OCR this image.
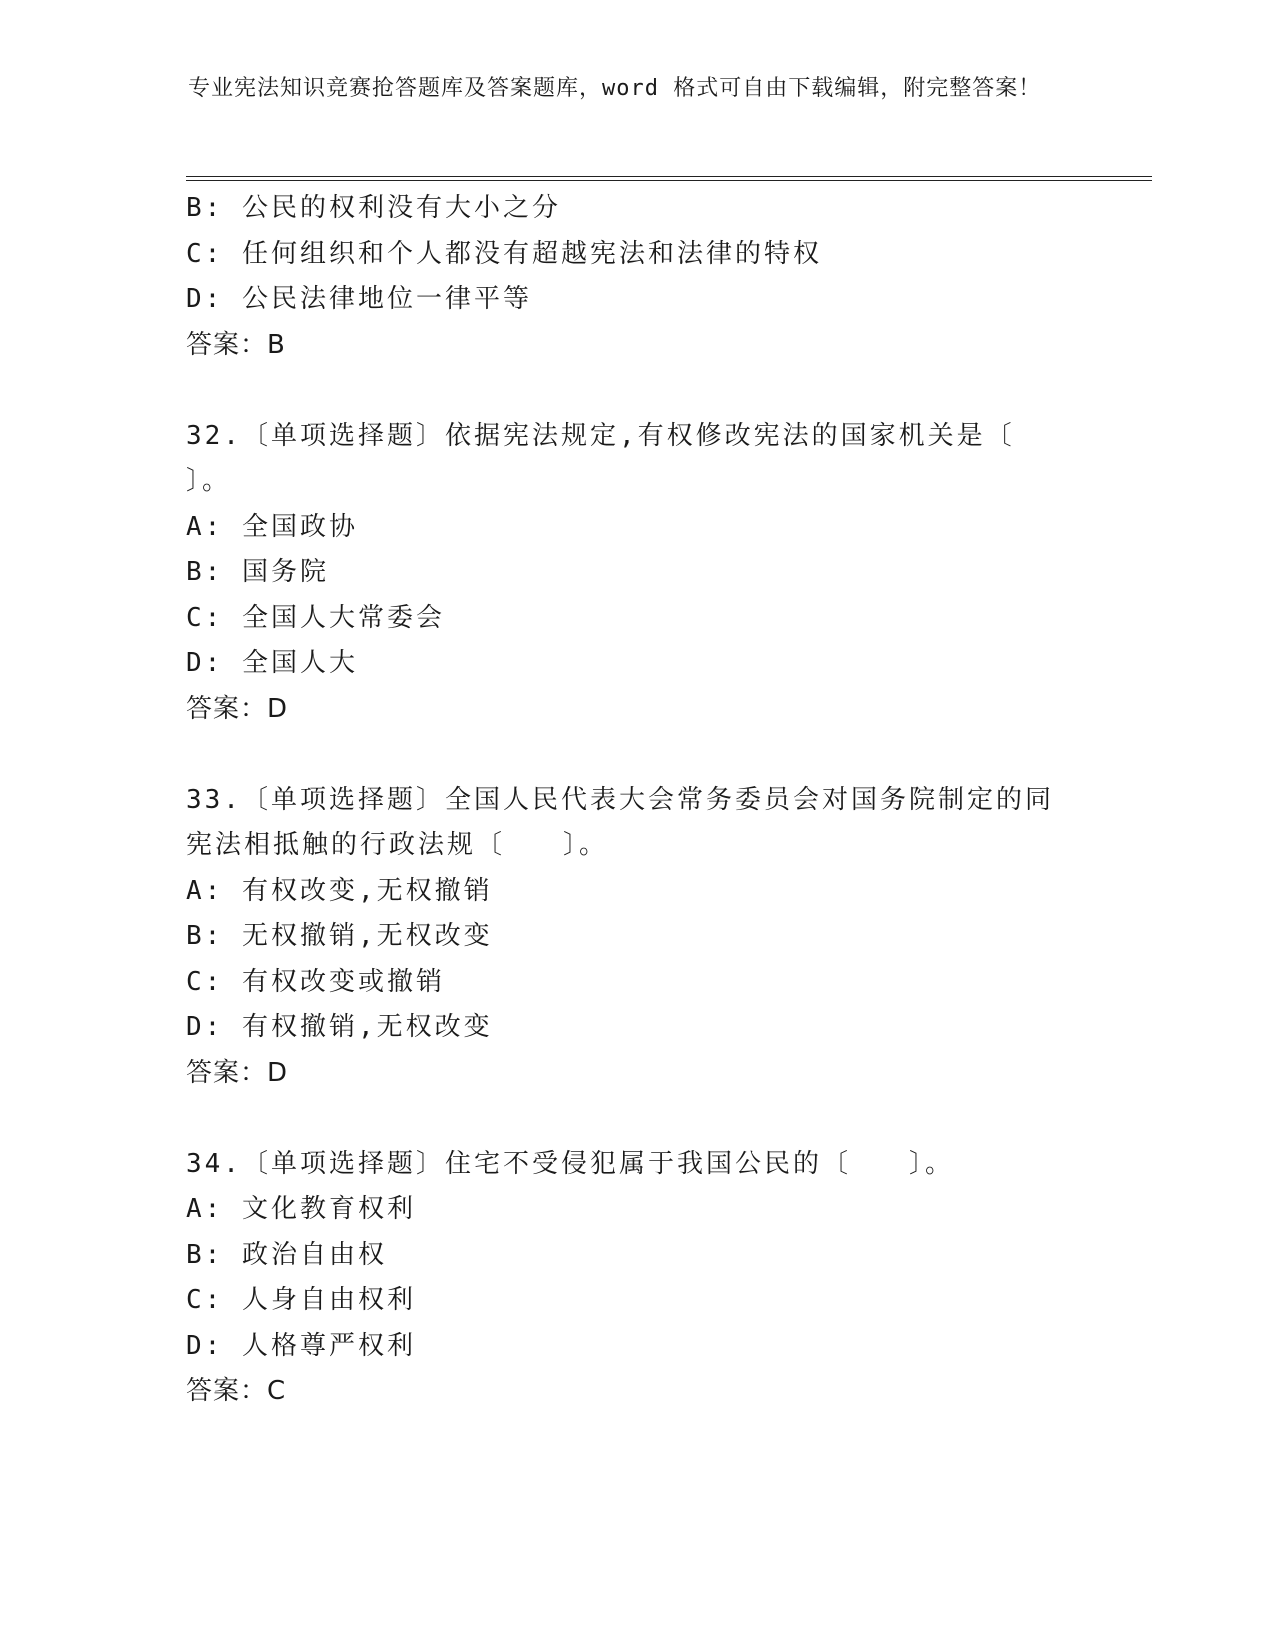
专业宪法知识竞赛抢答题库及答案题库，word 格式可自由下载编辑，附完整答案！
B: 公民的权利没有大小之分
C: 任何组织和个人都没有超越宪法和法律的特权
D: 公民法律地位一律平等
答案：B
32.〔单项选择题〕依据宪法规定,有权修改宪法的国家机关是〔　　〕。
A: 全国政协
B: 国务院
C: 全国人大常委会
D: 全国人大
答案：D
33.〔单项选择题〕全国人民代表大会常务委员会对国务院制定的同宪法相抵触的行政法规〔　　〕。
A: 有权改变,无权撤销
B: 无权撤销,无权改变
C: 有权改变或撤销
D: 有权撤销,无权改变
答案：D
34.〔单项选择题〕住宅不受侵犯属于我国公民的〔　　〕。
A: 文化教育权利
B: 政治自由权
C: 人身自由权利
D: 人格尊严权利
答案：C
